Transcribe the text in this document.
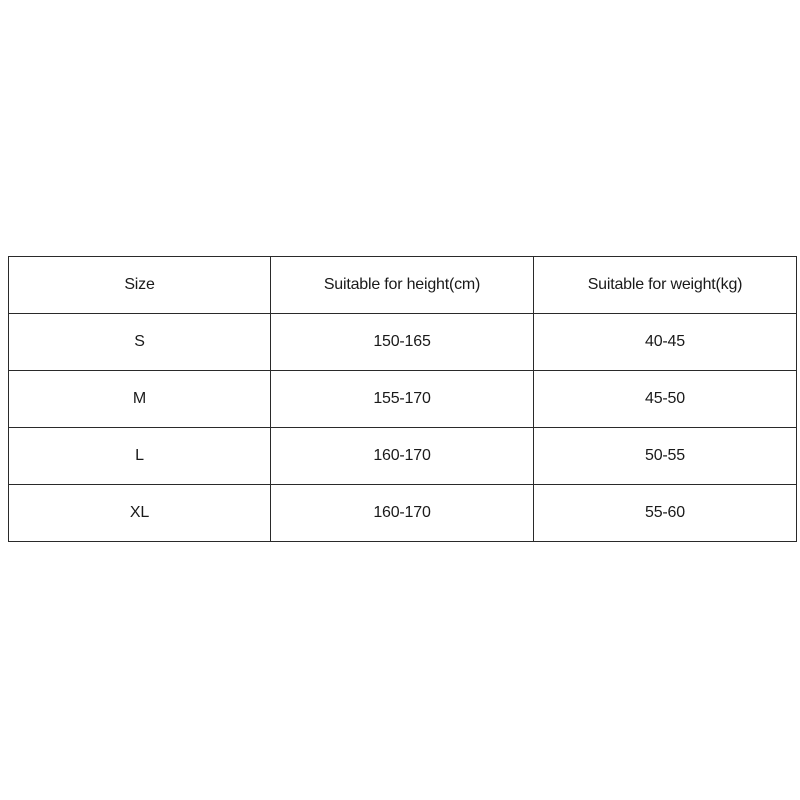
Size	Suitable for height(cm)	Suitable for weight(kg)
S	150-165	40-45
M	155-170	45-50
L	160-170	50-55
XL	160-170	55-60
